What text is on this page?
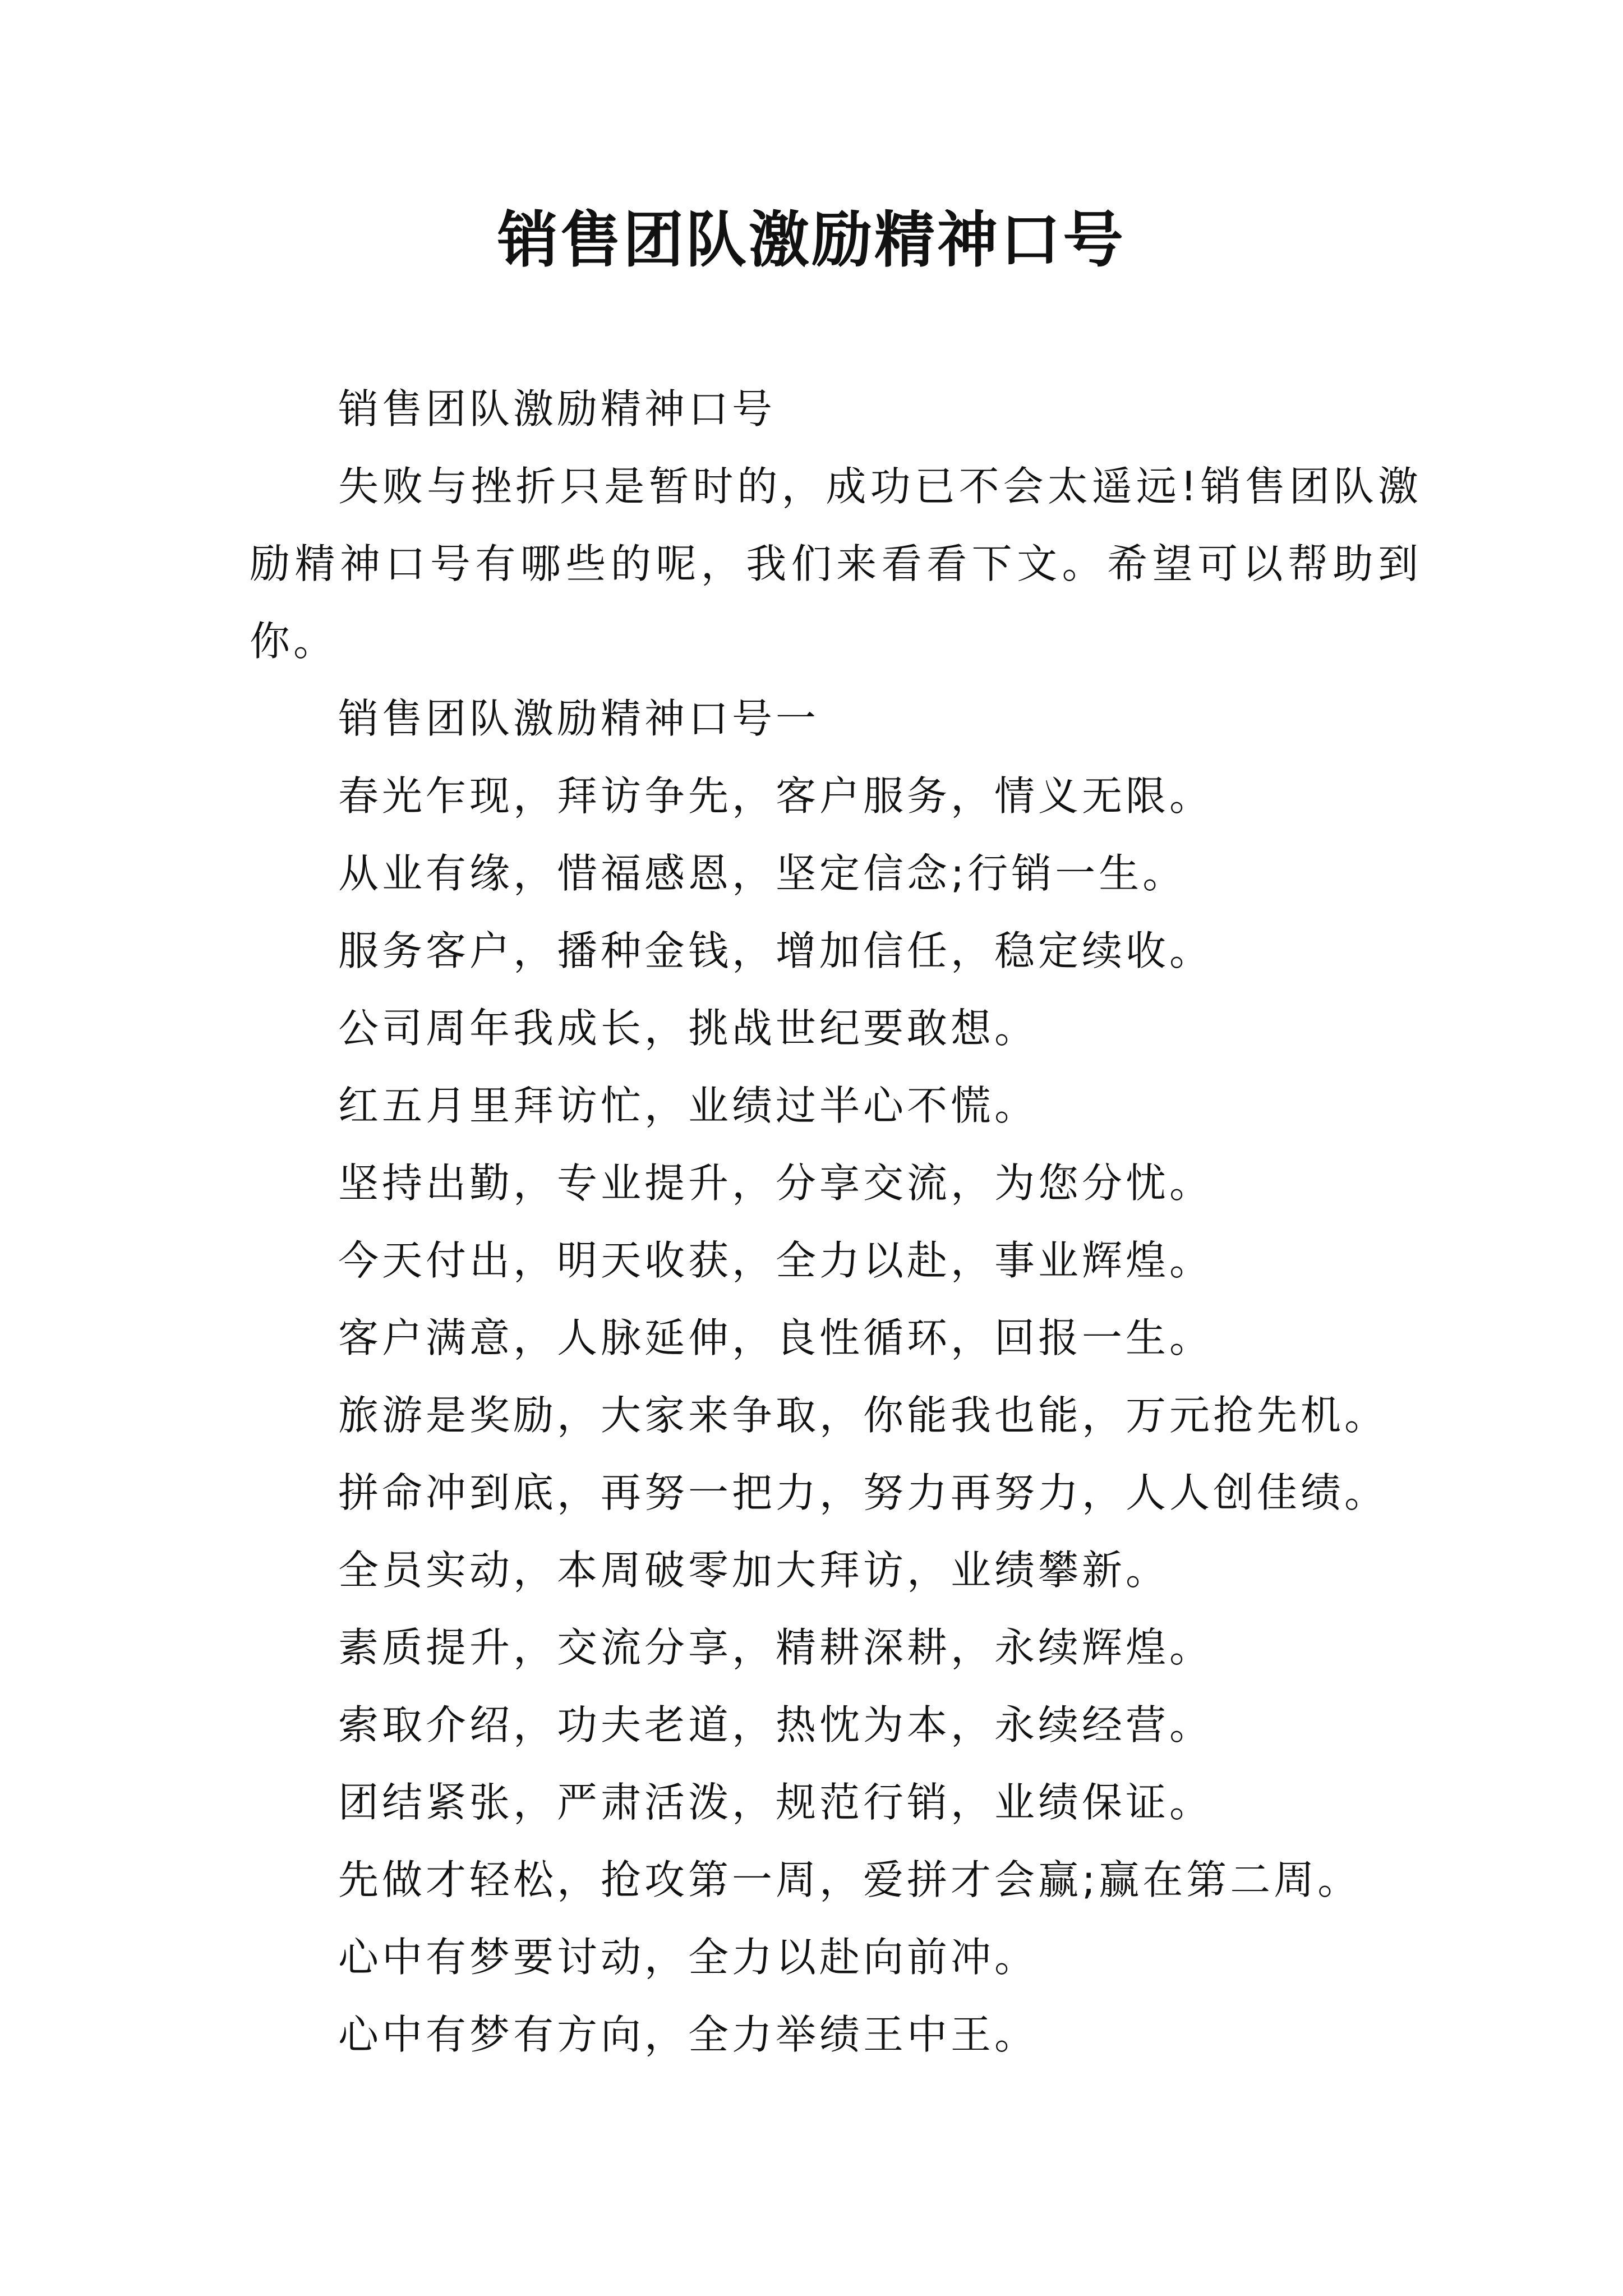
销售团队激励精神口号

销售团队激励精神口号

失败与挫折只是暂时的，成功已不会太遥远!销售团队激励精神口号有哪些的呢，我们来看看下文。希望可以帮助到你。

销售团队激励精神口号一

春光乍现，拜访争先，客户服务，情义无限。

从业有缘，惜福感恩，坚定信念;行销一生。

服务客户，播种金钱，增加信任，稳定续收。

公司周年我成长，挑战世纪要敢想。

红五月里拜访忙，业绩过半心不慌。

坚持出勤，专业提升，分享交流，为您分忧。

今天付出，明天收获，全力以赴，事业辉煌。

客户满意，人脉延伸，良性循环，回报一生。

旅游是奖励，大家来争取，你能我也能，万元抢先机。

拼命冲到底，再努一把力，努力再努力，人人创佳绩。

全员实动，本周破零加大拜访，业绩攀新。

素质提升，交流分享，精耕深耕，永续辉煌。

索取介绍，功夫老道，热忱为本，永续经营。

团结紧张，严肃活泼，规范行销，业绩保证。

先做才轻松，抢攻第一周，爱拼才会赢;赢在第二周。

心中有梦要讨动，全力以赴向前冲。

心中有梦有方向，全力举绩王中王。
